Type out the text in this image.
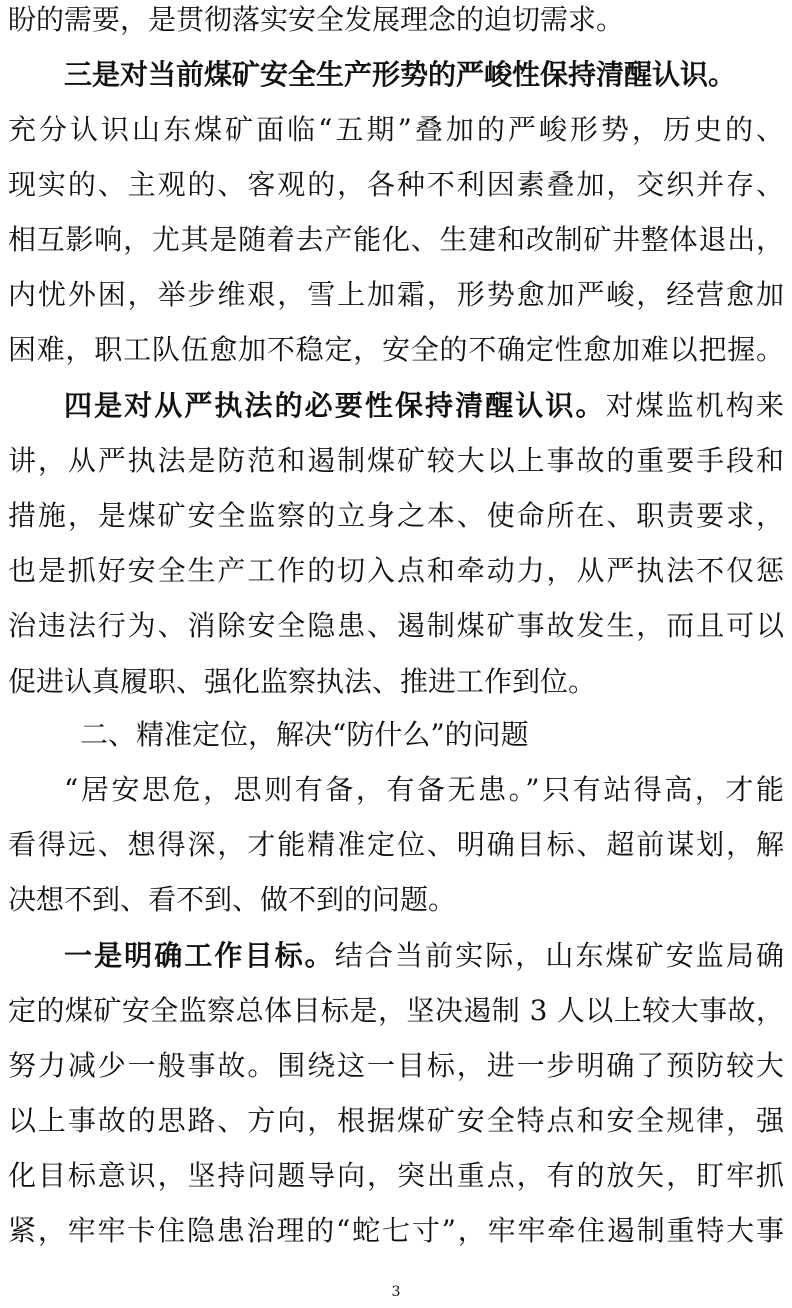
盼的需要，是贯彻落实安全发展理念的迫切需求。
三是对当前煤矿安全生产形势的严峻性保持清醒认识。
充分认识山东煤矿面临“五期”叠加的严峻形势，历史的、
现实的、主观的、客观的，各种不利因素叠加，交织并存、
相互影响，尤其是随着去产能化、生建和改制矿井整体退出，
内忧外困，举步维艰，雪上加霜，形势愈加严峻，经营愈加
困难，职工队伍愈加不稳定，安全的不确定性愈加难以把握。
四是对从严执法的必要性保持清醒认识。对煤监机构来
讲，从严执法是防范和遏制煤矿较大以上事故的重要手段和
措施，是煤矿安全监察的立身之本、使命所在、职责要求，
也是抓好安全生产工作的切入点和牵动力，从严执法不仅惩
治违法行为、消除安全隐患、遏制煤矿事故发生，而且可以
促进认真履职、强化监察执法、推进工作到位。
二、精准定位，解决“防什么”的问题
“居安思危，思则有备，有备无患。”只有站得高，才能
看得远、想得深，才能精准定位、明确目标、超前谋划，解
决想不到、看不到、做不到的问题。
一是明确工作目标。结合当前实际，山东煤矿安监局确
定的煤矿安全监察总体目标是，坚决遏制 3 人以上较大事故，
努力减少一般事故。围绕这一目标，进一步明确了预防较大
以上事故的思路、方向，根据煤矿安全特点和安全规律，强
化目标意识，坚持问题导向，突出重点，有的放矢，盯牢抓
紧，牢牢卡住隐患治理的“蛇七寸”，牢牢牵住遏制重特大事
3
